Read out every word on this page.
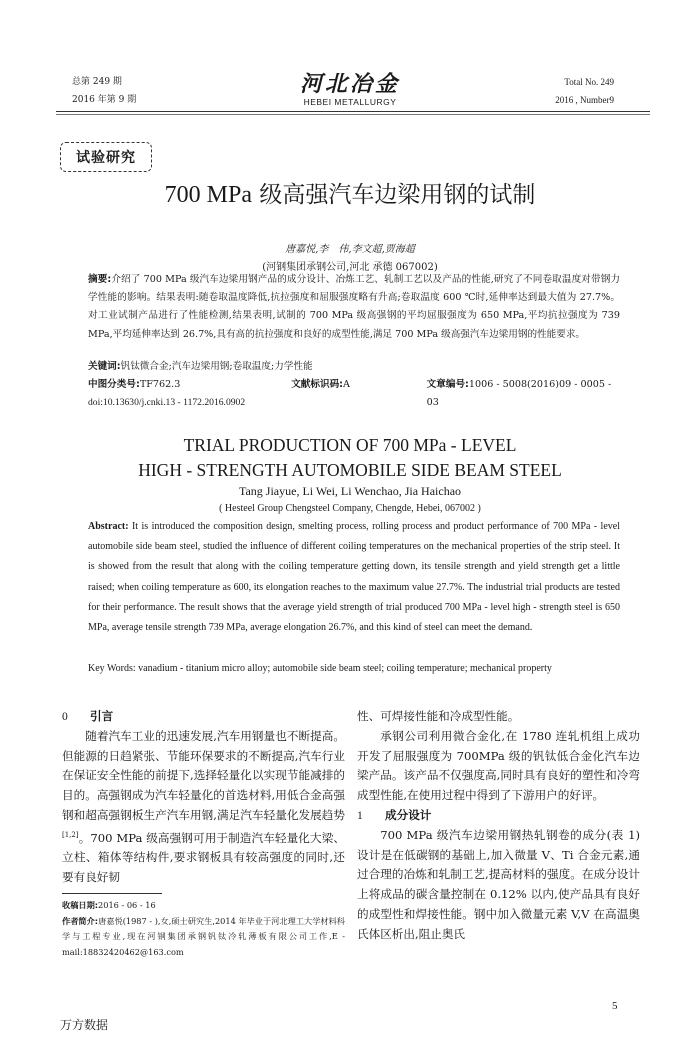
总第 249 期
2016 年第 9 期
河北冶金
HEBEI METALLURGY
Total No. 249
2016 , Number9
试验研究
700 MPa 级高强汽车边梁用钢的试制
唐嘉悦,李　伟,李文超,贾海超
(河钢集团承钢公司,河北 承德 067002)
摘要:介绍了 700 MPa 级汽车边梁用钢产品的成分设计、冶炼工艺、轧制工艺以及产品的性能,研究了不同卷取温度对带钢力学性能的影响。结果表明:随卷取温度降低,抗拉强度和屈服强度略有升高;卷取温度 600 ℃时,延伸率达到最大值为 27.7%。对工业试制产品进行了性能检测,结果表明,试制的 700 MPa 级高强钢的平均屈服强度为 650 MPa,平均抗拉强度为 739 MPa,平均延伸率达到 26.7%,具有高的抗拉强度和良好的成型性能,满足 700 MPa 级高强汽车边梁用钢的性能要求。
关键词:钒钛微合金;汽车边梁用钢;卷取温度;力学性能
中图分类号:TF762.3	文献标识码:A	文章编号:1006 - 5008(2016)09 - 0005 - 03
doi:10.13630/j.cnki.13 - 1172.2016.0902
TRIAL PRODUCTION OF 700 MPa - LEVEL
HIGH - STRENGTH AUTOMOBILE SIDE BEAM STEEL
Tang Jiayue, Li Wei, Li Wenchao, Jia Haichao
( Hesteel Group Chengsteel Company, Chengde, Hebei, 067002 )
Abstract: It is introduced the composition design, smelting process, rolling process and product performance of 700 MPa - level automobile side beam steel, studied the influence of different coiling temperatures on the mechanical properties of the strip steel. It is showed from the result that along with the coiling temperature getting down, its tensile strength and yield strength get a little raised; when coiling temperature as 600, its elongation reaches to the maximum value 27.7%. The industrial trial products are tested for their performance. The result shows that the average yield strength of trial produced 700 MPa - level high - strength steel is 650 MPa, average tensile strength 739 MPa, average elongation 26.7%, and this kind of steel can meet the demand.
Key Words: vanadium - titanium micro alloy; automobile side beam steel; coiling temperature; mechanical property
0 引言
随着汽车工业的迅速发展,汽车用钢量也不断提高。但能源的日趋紧张、节能环保要求的不断提高,汽车行业在保证安全性能的前提下,选择轻量化以实现节能减排的目的。高强钢成为汽车轻量化的首选材料,用低合金高强钢和超高强钢板生产汽车用钢,满足汽车轻量化发展趋势[1,2]。700 MPa 级高强钢可用于制造汽车轻量化大梁、立柱、箱体等结构件,要求钢板具有较高强度的同时,还要有良好韧
收稿日期:2016 - 06 - 16
作者简介:唐嘉悦(1987 - ),女,硕士研究生,2014 年毕业于河北理工大学材料科学与工程专业,现在河钢集团承钢钒钛冷轧薄板有限公司工作,E - mail:18832420462@163.com
性、可焊接性能和冷成型性能。
承钢公司利用微合金化,在 1780 连轧机组上成功开发了屈服强度为 700MPa 级的钒钛低合金化汽车边梁产品。该产品不仅强度高,同时具有良好的塑性和冷弯成型性能,在使用过程中得到了下游用户的好评。
1 成分设计
700 MPa 级汽车边梁用钢热轧钢卷的成分(表 1)设计是在低碳钢的基础上,加入微量 V、Ti 合金元素,通过合理的冶炼和轧制工艺,提高材料的强度。在成分设计上将成品的碳含量控制在 0.12% 以内,使产品具有良好的成型性和焊接性能。钢中加入微量元素 V,V 在高温奥氏体区析出,阻止奥氏
5
万方数据
